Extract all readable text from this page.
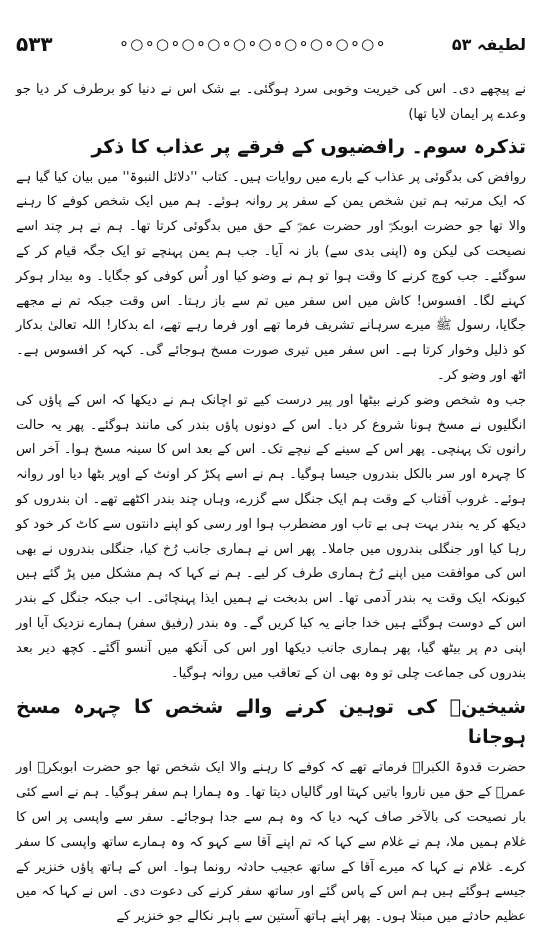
۵۳۳	⚬○⚬○⚬○⚬○⚬○⚬○⚬○⚬○⚬○⚬○⚬	لطیفہ ۵۳

نے پیچھے دی۔ اس کی خیریت وخوبی سرد ہوگئی۔ بے شک اس نے دنیا کو برطرف کر دیا جو وعدے پر ایمان لایا تھا)

تذکرہ سوم۔ رافضیوں کے فرقے پر عذاب کا ذکر

روافض کی بدگوئی پر عذاب کے بارے میں روایات ہیں۔ کتاب ''دلائل النبوۃ'' میں بیان کیا گیا ہے کہ ایک مرتبہ ہم تین شخص یمن کے سفر پر روانہ ہوئے۔ ہم میں ایک شخص کوفے کا رہنے والا تھا جو حضرت ابوبکرؓ اور حضرت عمرؓ کے حق میں بدگوئی کرتا تھا۔ ہم نے ہر چند اسے نصیحت کی لیکن وہ (اپنی بدی سے) باز نہ آیا۔ جب ہم یمن پہنچے تو ایک جگہ قیام کر کے سوگئے۔ جب کوچ کرنے کا وقت ہوا تو ہم نے وضو کیا اور اُس کوفی کو جگایا۔ وہ بیدار ہوکر کہنے لگا۔ افسوس! کاش میں اس سفر میں تم سے باز رہتا۔ اس وقت جبکہ تم نے مجھے جگایا، رسول ﷺ میرے سرہانے تشریف فرما تھے اور فرما رہے تھے، اے بدکار! اللہ تعالیٰ بدکار کو ذلیل وخوار کرتا ہے۔ اس سفر میں تیری صورت مسخ ہوجائے گی۔ کہہ کر افسوس ہے۔ اٹھ اور وضو کر۔

جب وہ شخص وضو کرنے بیٹھا اور پیر درست کیے تو اچانک ہم نے دیکھا کہ اس کے پاؤں کی انگلیوں نے مسخ ہونا شروع کر دیا۔ اس کے دونوں پاؤں بندر کی مانند ہوگئے۔ پھر یہ حالت رانوں تک پہنچی۔ پھر اس کے سینے کے نیچے تک۔ اس کے بعد اس کا سینہ مسخ ہوا۔ آخر اس کا چہرہ اور سر بالکل بندروں جیسا ہوگیا۔ ہم نے اسے پکڑ کر اونٹ کے اوپر بٹھا دیا اور روانہ ہوئے۔ غروب آفتاب کے وقت ہم ایک جنگل سے گزرے، وہاں چند بندر اکٹھے تھے۔ ان بندروں کو دیکھ کر یہ بندر بہت ہی بے تاب اور مضطرب ہوا اور رسی کو اپنے دانتوں سے کاٹ کر خود کو رہا کیا اور جنگلی بندروں میں جاملا۔ پھر اس نے ہماری جانب رُخ کیا، جنگلی بندروں نے بھی اس کی موافقت میں اپنے رُخ ہماری طرف کر لیے۔ ہم نے کہا کہ ہم مشکل میں پڑ گئے ہیں کیونکہ ایک وقت یہ بندر آدمی تھا۔ اس بدبخت نے ہمیں ایذا پہنچائی۔ اب جبکہ جنگل کے بندر اس کے دوست ہوگئے ہیں خدا جانے یہ کیا کریں گے۔ وہ بندر (رفیق سفر) ہمارے نزدیک آیا اور اپنی دم پر بیٹھ گیا، پھر ہماری جانب دیکھا اور اس کی آنکھ میں آنسو آگئے۔ کچھ دیر بعد بندروں کی جماعت چلی تو وہ بھی ان کے تعاقب میں روانہ ہوگیا۔

شیخینؓ کی توہین کرنے والے شخص کا چہرہ مسخ ہوجانا

حضرت قدوۃ الکبراؒ فرماتے تھے کہ کوفے کا رہنے والا ایک شخص تھا جو حضرت ابوبکرؓ اور عمرؓ کے حق میں ناروا باتیں کہتا اور گالیاں دیتا تھا۔ وہ ہمارا ہم سفر ہوگیا۔ ہم نے اسے کئی بار نصیحت کی بالآخر صاف کہہ دیا کہ وہ ہم سے جدا ہوجائے۔ سفر سے واپسی پر اس کا غلام ہمیں ملا، ہم نے غلام سے کہا کہ تم اپنے آقا سے کہو کہ وہ ہمارے ساتھ واپسی کا سفر کرے۔ غلام نے کہا کہ میرے آقا کے ساتھ عجیب حادثہ رونما ہوا۔ اس کے ہاتھ پاؤں خنزیر کے جیسے ہوگئے ہیں ہم اس کے پاس گئے اور ساتھ سفر کرنے کی دعوت دی۔ اس نے کہا کہ میں عظیم حادثے میں مبتلا ہوں۔ پھر اپنے ہاتھ آستین سے باہر نکالے جو خنزیر کے
